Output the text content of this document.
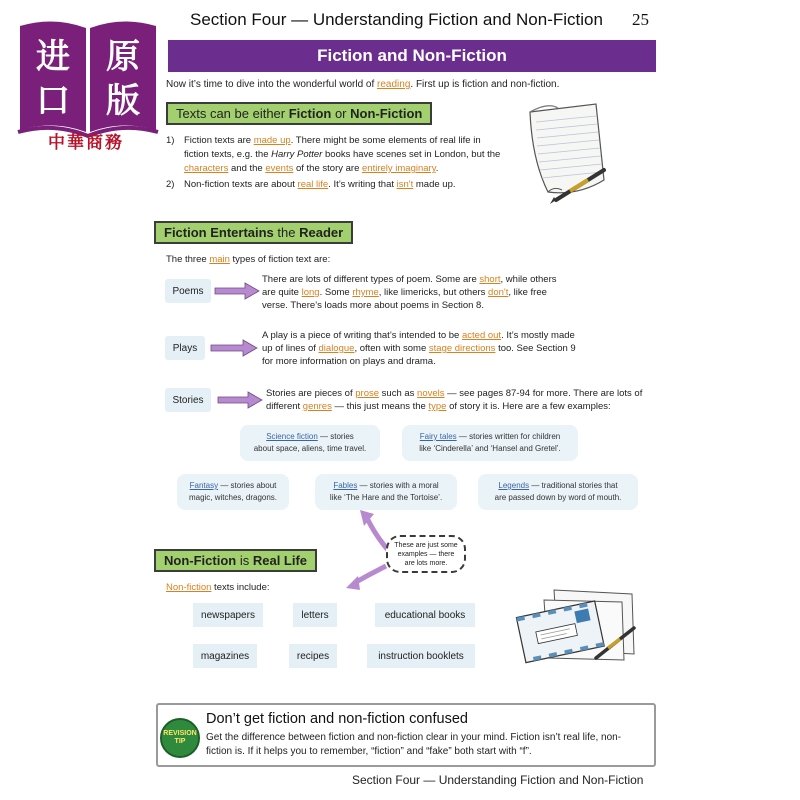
进 原
口 版
中華商務
Section Four — Understanding Fiction and Non-Fiction 25
Fiction and Non-Fiction
Now it’s time to dive into the wonderful world of reading. First up is fiction and non-fiction.
Texts can be either Fiction or Non-Fiction
1)	Fiction texts are made up. There might be some elements of real life in fiction texts, e.g. the Harry Potter books have scenes set in London, but the characters and the events of the story are entirely imaginary.
2)	Non-fiction texts are about real life. It’s writing that isn't made up.
Fiction Entertains the Reader
The three main types of fiction text are:
Poems
There are lots of different types of poem. Some are short, while others are quite long. Some rhyme, like limericks, but others don't, like free verse. There’s loads more about poems in Section 8.
Plays
A play is a piece of writing that’s intended to be acted out. It’s mostly made up of lines of dialogue, often with some stage directions too. See Section 9 for more information on plays and drama.
Stories
Stories are pieces of prose such as novels — see pages 87-94 for more. There are lots of different genres — this just means the type of story it is. Here are a few examples:
Science fiction — stories
about space, aliens, time travel.
Fairy tales — stories written for children
like ‘Cinderella’ and ‘Hansel and Gretel’.
Fantasy — stories about
magic, witches, dragons.
Fables — stories with a moral
like ‘The Hare and the Tortoise’.
Legends — traditional stories that
are passed down by word of mouth.
These are just some examples — there are lots more.
Non-Fiction is Real Life
Non-fiction texts include:
newspapers	letters	educational books
magazines	recipes	instruction booklets
REVISION
TIP
Don’t get fiction and non-fiction confused
Get the difference between fiction and non-fiction clear in your mind. Fiction isn’t real life, non-fiction is. If it helps you to remember, “fiction” and “fake” both start with “f”.
Section Four — Understanding Fiction and Non-Fiction
